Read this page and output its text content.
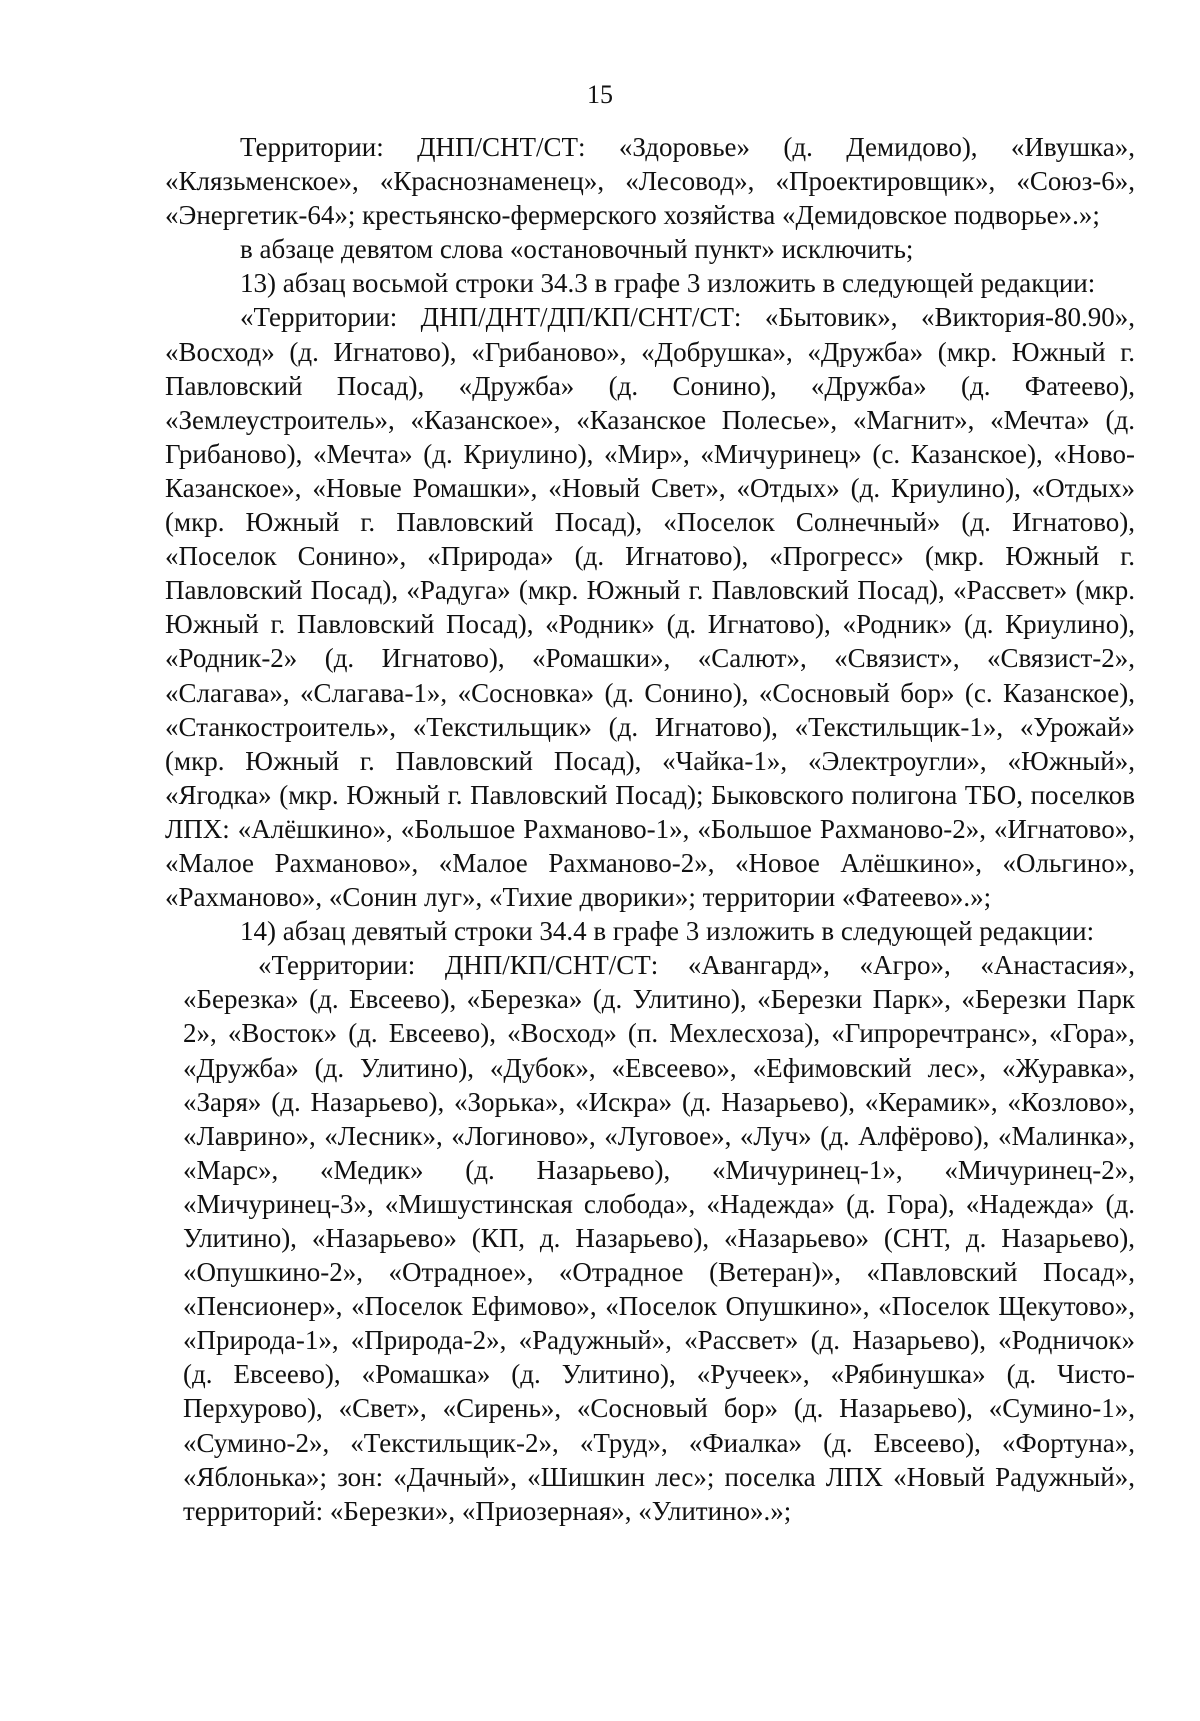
15

Территории: ДНП/СНТ/СТ: «Здоровье» (д. Демидово), «Ивушка», «Клязьменское», «Краснознаменец», «Лесовод», «Проектировщик», «Союз-6», «Энергетик-64»; крестьянско-фермерского хозяйства «Демидовское подворье».»;

в абзаце девятом слова «остановочный пункт» исключить;

13) абзац восьмой строки 34.3 в графе 3 изложить в следующей редакции:

«Территории: ДНП/ДНТ/ДП/КП/СНТ/СТ: «Бытовик», «Виктория-80.90», «Восход» (д. Игнатово), «Грибаново», «Добрушка», «Дружба» (мкр. Южный г. Павловский Посад), «Дружба» (д. Сонино), «Дружба» (д. Фатеево), «Землеустроитель», «Казанское», «Казанское Полесье», «Магнит», «Мечта» (д. Грибаново), «Мечта» (д. Криулино), «Мир», «Мичуринец» (с. Казанское), «Ново-Казанское», «Новые Ромашки», «Новый Свет», «Отдых» (д. Криулино), «Отдых» (мкр. Южный г. Павловский Посад), «Поселок Солнечный» (д. Игнатово), «Поселок Сонино», «Природа» (д. Игнатово), «Прогресс» (мкр. Южный г. Павловский Посад), «Радуга» (мкр. Южный г. Павловский Посад), «Рассвет» (мкр. Южный г. Павловский Посад), «Родник» (д. Игнатово), «Родник» (д. Криулино), «Родник-2» (д. Игнатово), «Ромашки», «Салют», «Связист», «Связист-2», «Слагава», «Слагава-1», «Сосновка» (д. Сонино), «Сосновый бор» (с. Казанское), «Станкостроитель», «Текстильщик» (д. Игнатово), «Текстильщик-1», «Урожай» (мкр. Южный г. Павловский Посад), «Чайка-1», «Электроугли», «Южный», «Ягодка» (мкр. Южный г. Павловский Посад); Быковского полигона ТБО, поселков ЛПХ: «Алёшкино», «Большое Рахманово-1», «Большое Рахманово-2», «Игнатово», «Малое Рахманово», «Малое Рахманово-2», «Новое Алёшкино», «Ольгино», «Рахманово», «Сонин луг», «Тихие дворики»; территории «Фатеево».»;

14) абзац девятый строки 34.4 в графе 3 изложить в следующей редакции:

«Территории: ДНП/КП/СНТ/СТ: «Авангард», «Агро», «Анастасия», «Березка» (д. Евсеево), «Березка» (д. Улитино), «Березки Парк», «Березки Парк 2», «Восток» (д. Евсеево), «Восход» (п. Мехлесхоза), «Гипроречтранс», «Гора», «Дружба» (д. Улитино), «Дубок», «Евсеево», «Ефимовский лес», «Журавка», «Заря» (д. Назарьево), «Зорька», «Искра» (д. Назарьево), «Керамик», «Козлово», «Лаврино», «Лесник», «Логиново», «Луговое», «Луч» (д. Алфёрово), «Малинка», «Марс», «Медик» (д. Назарьево), «Мичуринец-1», «Мичуринец-2», «Мичуринец-3», «Мишустинская слобода», «Надежда» (д. Гора), «Надежда» (д. Улитино), «Назарьево» (КП, д. Назарьево), «Назарьево» (СНТ, д. Назарьево), «Опушкино-2», «Отрадное», «Отрадное (Ветеран)», «Павловский Посад», «Пенсионер», «Поселок Ефимово», «Поселок Опушкино», «Поселок Щекутово», «Природа-1», «Природа-2», «Радужный», «Рассвет» (д. Назарьево), «Родничок» (д. Евсеево), «Ромашка» (д. Улитино), «Ручеек», «Рябинушка» (д. Чисто-Перхурово), «Свет», «Сирень», «Сосновый бор» (д. Назарьево), «Сумино-1», «Сумино-2», «Текстильщик-2», «Труд», «Фиалка» (д. Евсеево), «Фортуна», «Яблонька»; зон: «Дачный», «Шишкин лес»; поселка ЛПХ «Новый Радужный», территорий: «Березки», «Приозерная», «Улитино».»;
